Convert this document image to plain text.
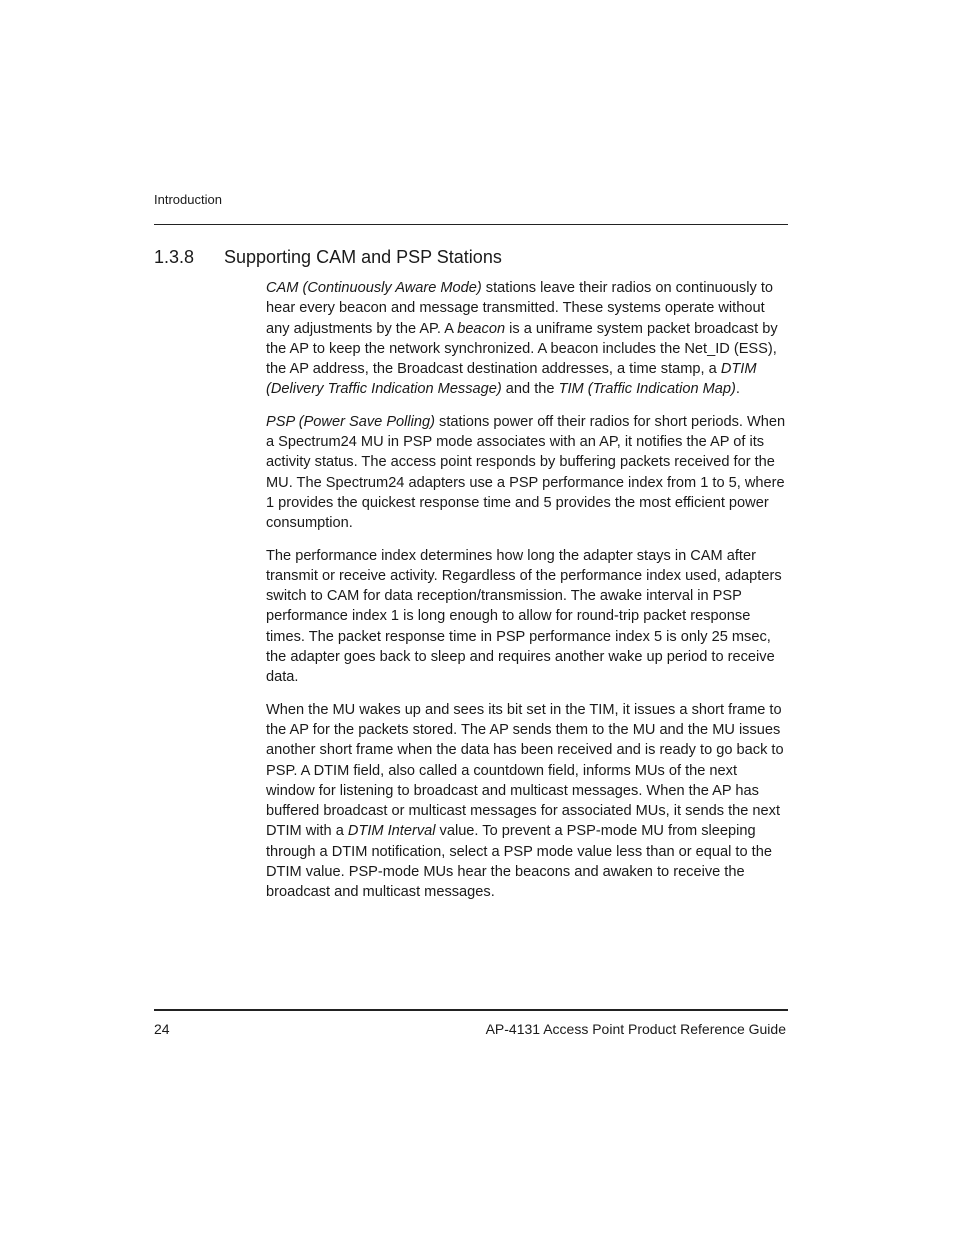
Introduction
1.3.8 Supporting CAM and PSP Stations

CAM (Continuously Aware Mode) stations leave their radios on continuously to hear every beacon and message transmitted. These systems operate without any adjustments by the AP. A beacon is a uniframe system packet broadcast by the AP to keep the network synchronized. A beacon includes the Net_ID (ESS), the AP address, the Broadcast destination addresses, a time stamp, a DTIM (Delivery Traffic Indication Message) and the TIM (Traffic Indication Map).

PSP (Power Save Polling) stations power off their radios for short periods. When a Spectrum24 MU in PSP mode associates with an AP, it notifies the AP of its activity status. The access point responds by buffering packets received for the MU. The Spectrum24 adapters use a PSP performance index from 1 to 5, where 1 provides the quickest response time and 5 provides the most efficient power consumption.

The performance index determines how long the adapter stays in CAM after transmit or receive activity. Regardless of the performance index used, adapters switch to CAM for data reception/transmission. The awake interval in PSP performance index 1 is long enough to allow for round-trip packet response times. The packet response time in PSP performance index 5 is only 25 msec, the adapter goes back to sleep and requires another wake up period to receive data.

When the MU wakes up and sees its bit set in the TIM, it issues a short frame to the AP for the packets stored. The AP sends them to the MU and the MU issues another short frame when the data has been received and is ready to go back to PSP. A DTIM field, also called a countdown field, informs MUs of the next window for listening to broadcast and multicast messages. When the AP has buffered broadcast or multicast messages for associated MUs, it sends the next DTIM with a DTIM Interval value. To prevent a PSP-mode MU from sleeping through a DTIM notification, select a PSP mode value less than or equal to the DTIM value. PSP-mode MUs hear the beacons and awaken to receive the broadcast and multicast messages.

24	AP-4131 Access Point Product Reference Guide
